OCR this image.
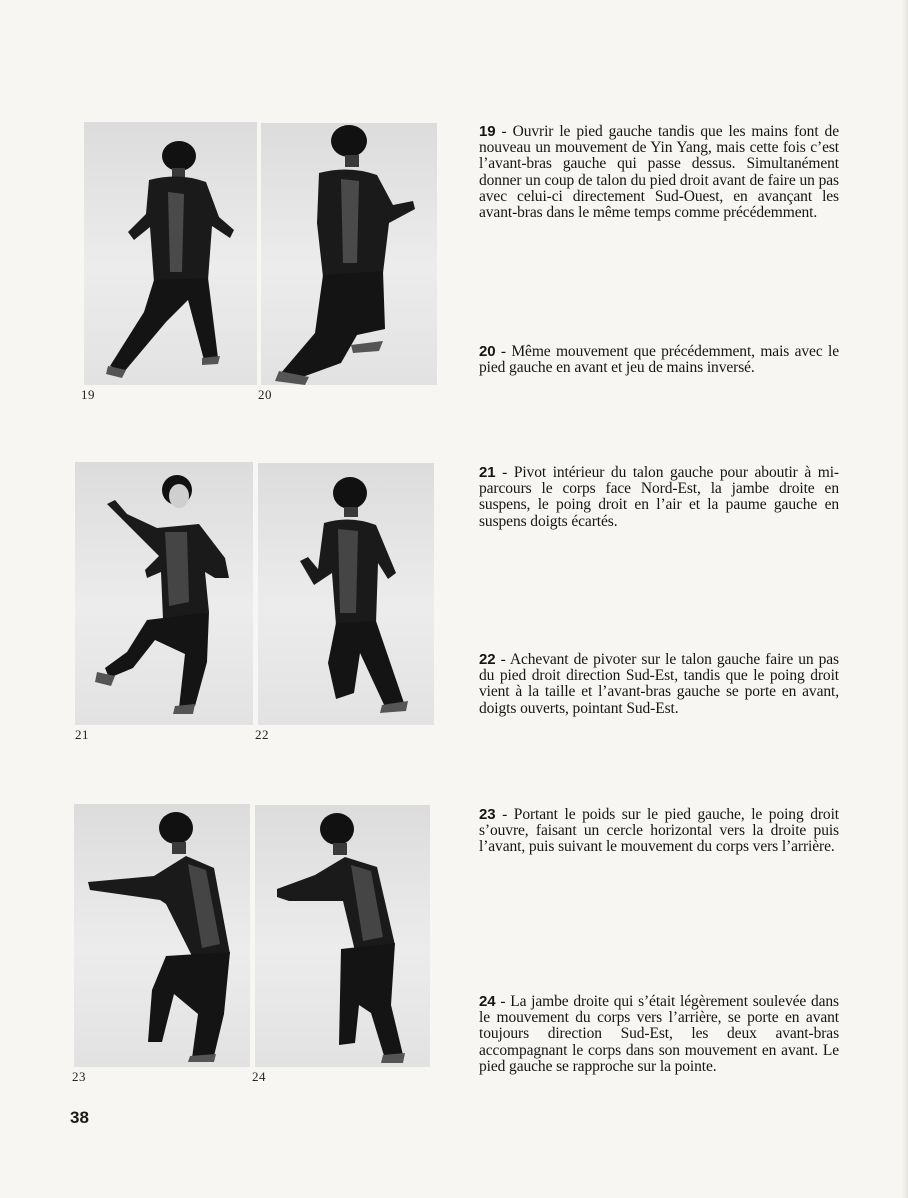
19	20
21	22
23	24

19 - Ouvrir le pied gauche tandis que les mains font de nouveau un mouvement de Yin Yang, mais cette fois c’est l’avant-bras gauche qui passe dessus. Simultanément donner un coup de talon du pied droit avant de faire un pas avec celui-ci directement Sud-Ouest, en avançant les avant-bras dans le même temps comme précédemment.

20 - Même mouvement que précédemment, mais avec le pied gauche en avant et jeu de mains inversé.

21 - Pivot intérieur du talon gauche pour aboutir à mi-parcours le corps face Nord-Est, la jambe droite en suspens, le poing droit en l’air et la paume gauche en suspens doigts écartés.

22 - Achevant de pivoter sur le talon gauche faire un pas du pied droit direction Sud-Est, tandis que le poing droit vient à la taille et l’avant-bras gauche se porte en avant, doigts ouverts, pointant Sud-Est.

23 - Portant le poids sur le pied gauche, le poing droit s’ouvre, faisant un cercle horizontal vers la droite puis l’avant, puis suivant le mouvement du corps vers l’arrière.

24 - La jambe droite qui s’était légèrement soulevée dans le mouvement du corps vers l’arrière, se porte en avant toujours direction Sud-Est, les deux avant-bras accompagnant le corps dans son mouvement en avant. Le pied gauche se rapproche sur la pointe.

38
